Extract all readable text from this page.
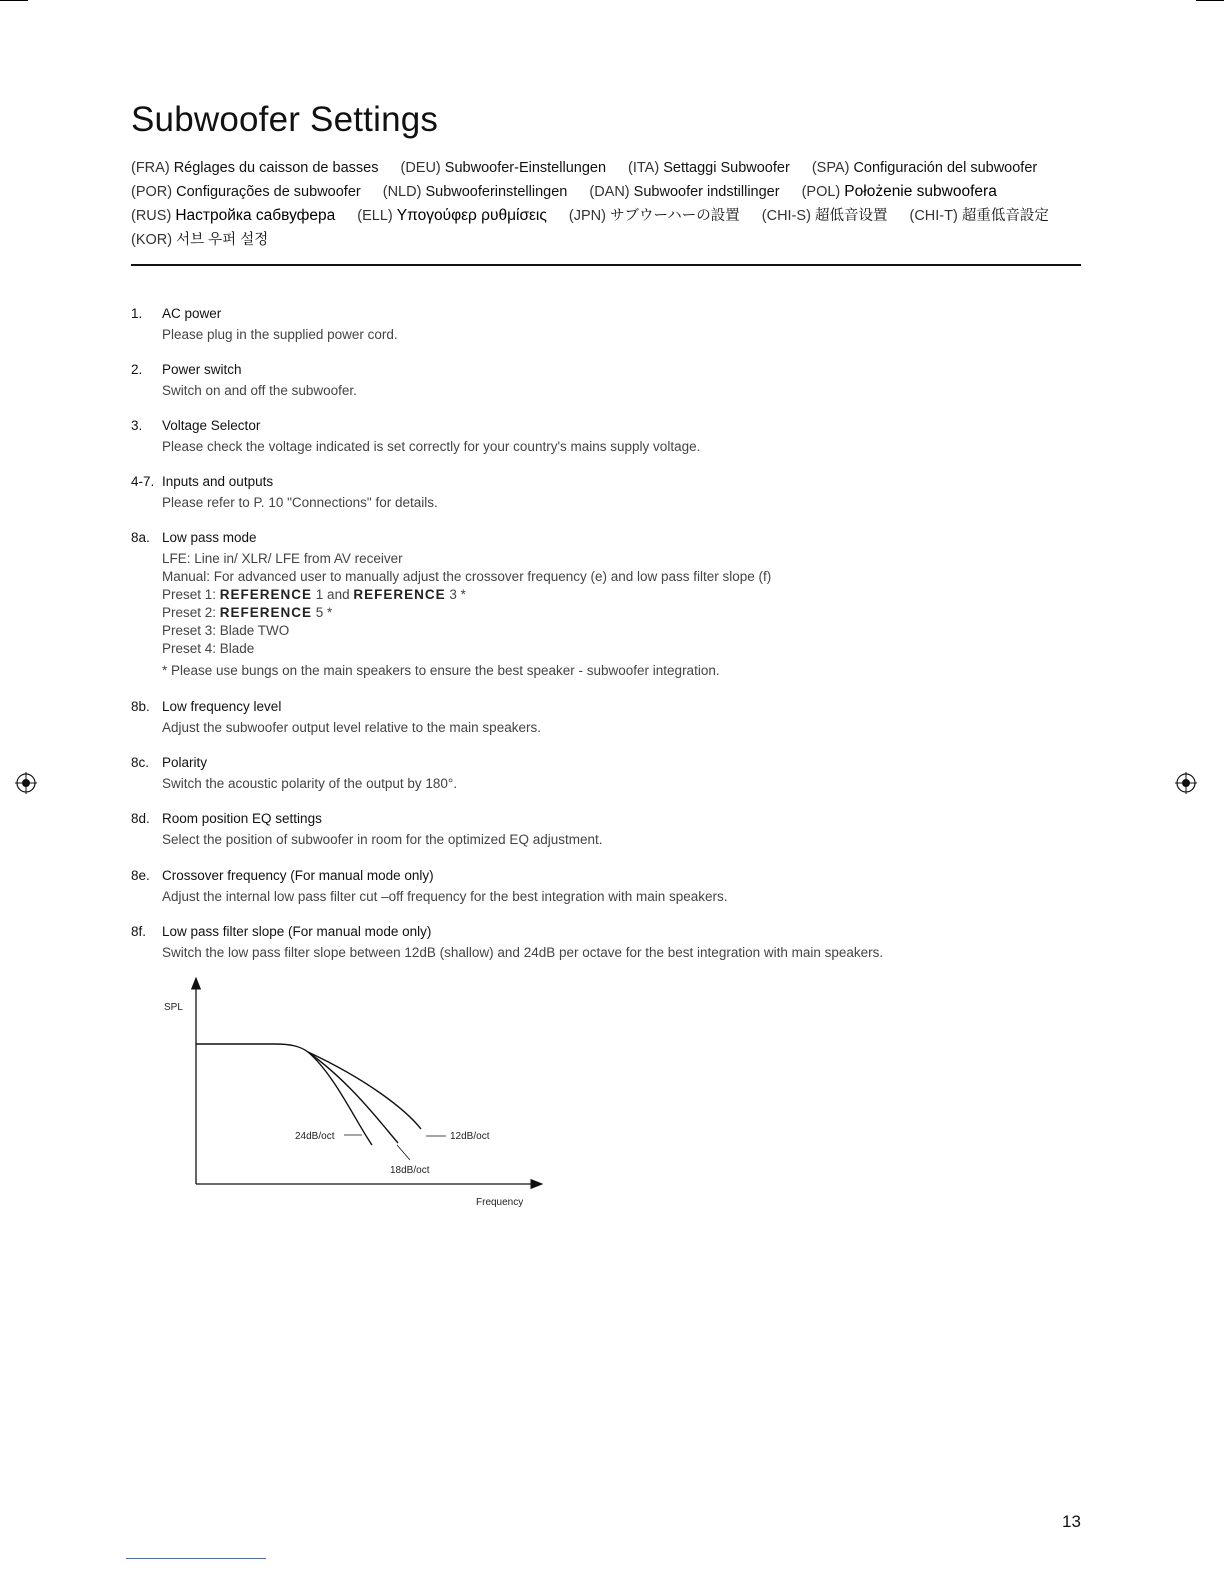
Subwoofer Settings
(FRA) Réglages du caisson de basses (DEU) Subwoofer-Einstellungen (ITA) Settaggi Subwoofer (SPA) Configuración del subwoofer
(POR) Configurações de subwoofer (NLD) Subwooferinstellingen (DAN) Subwoofer indstillinger (POL) Położenie subwoofera
(RUS) Настройка сабвуфера (ELL) Υπογούφερ ρυθμίσεις (JPN) サブウーハーの設置 (CHI-S) 超低音设置 (CHI-T) 超重低音設定
(KOR) 서브 우퍼 설정
1. AC power
Please plug in the supplied power cord.
2. Power switch
Switch on and off the subwoofer.
3. Voltage Selector
Please check the voltage indicated is set correctly for your country's mains supply voltage.
4-7. Inputs and outputs
Please refer to P. 10 "Connections" for details.
8a. Low pass mode
LFE: Line in/ XLR/ LFE from AV receiver
Manual: For advanced user to manually adjust the crossover frequency (e) and low pass filter slope (f)
Preset 1: REFERENCE 1 and REFERENCE 3 *
Preset 2: REFERENCE 5 *
Preset 3: Blade TWO
Preset 4: Blade
* Please use bungs on the main speakers to ensure the best speaker - subwoofer integration.
8b. Low frequency level
Adjust the subwoofer output level relative to the main speakers.
8c. Polarity
Switch the acoustic polarity of the output by 180°.
8d. Room position EQ settings
Select the position of subwoofer in room for the optimized EQ adjustment.
8e. Crossover frequency (For manual mode only)
Adjust the internal low pass filter cut –off frequency for the best integration with main speakers.
8f. Low pass filter slope (For manual mode only)
Switch the low pass filter slope between 12dB (shallow) and 24dB per octave for the best integration with main speakers.
SPL
Frequency
24dB/oct
18dB/oct
12dB/oct
13
